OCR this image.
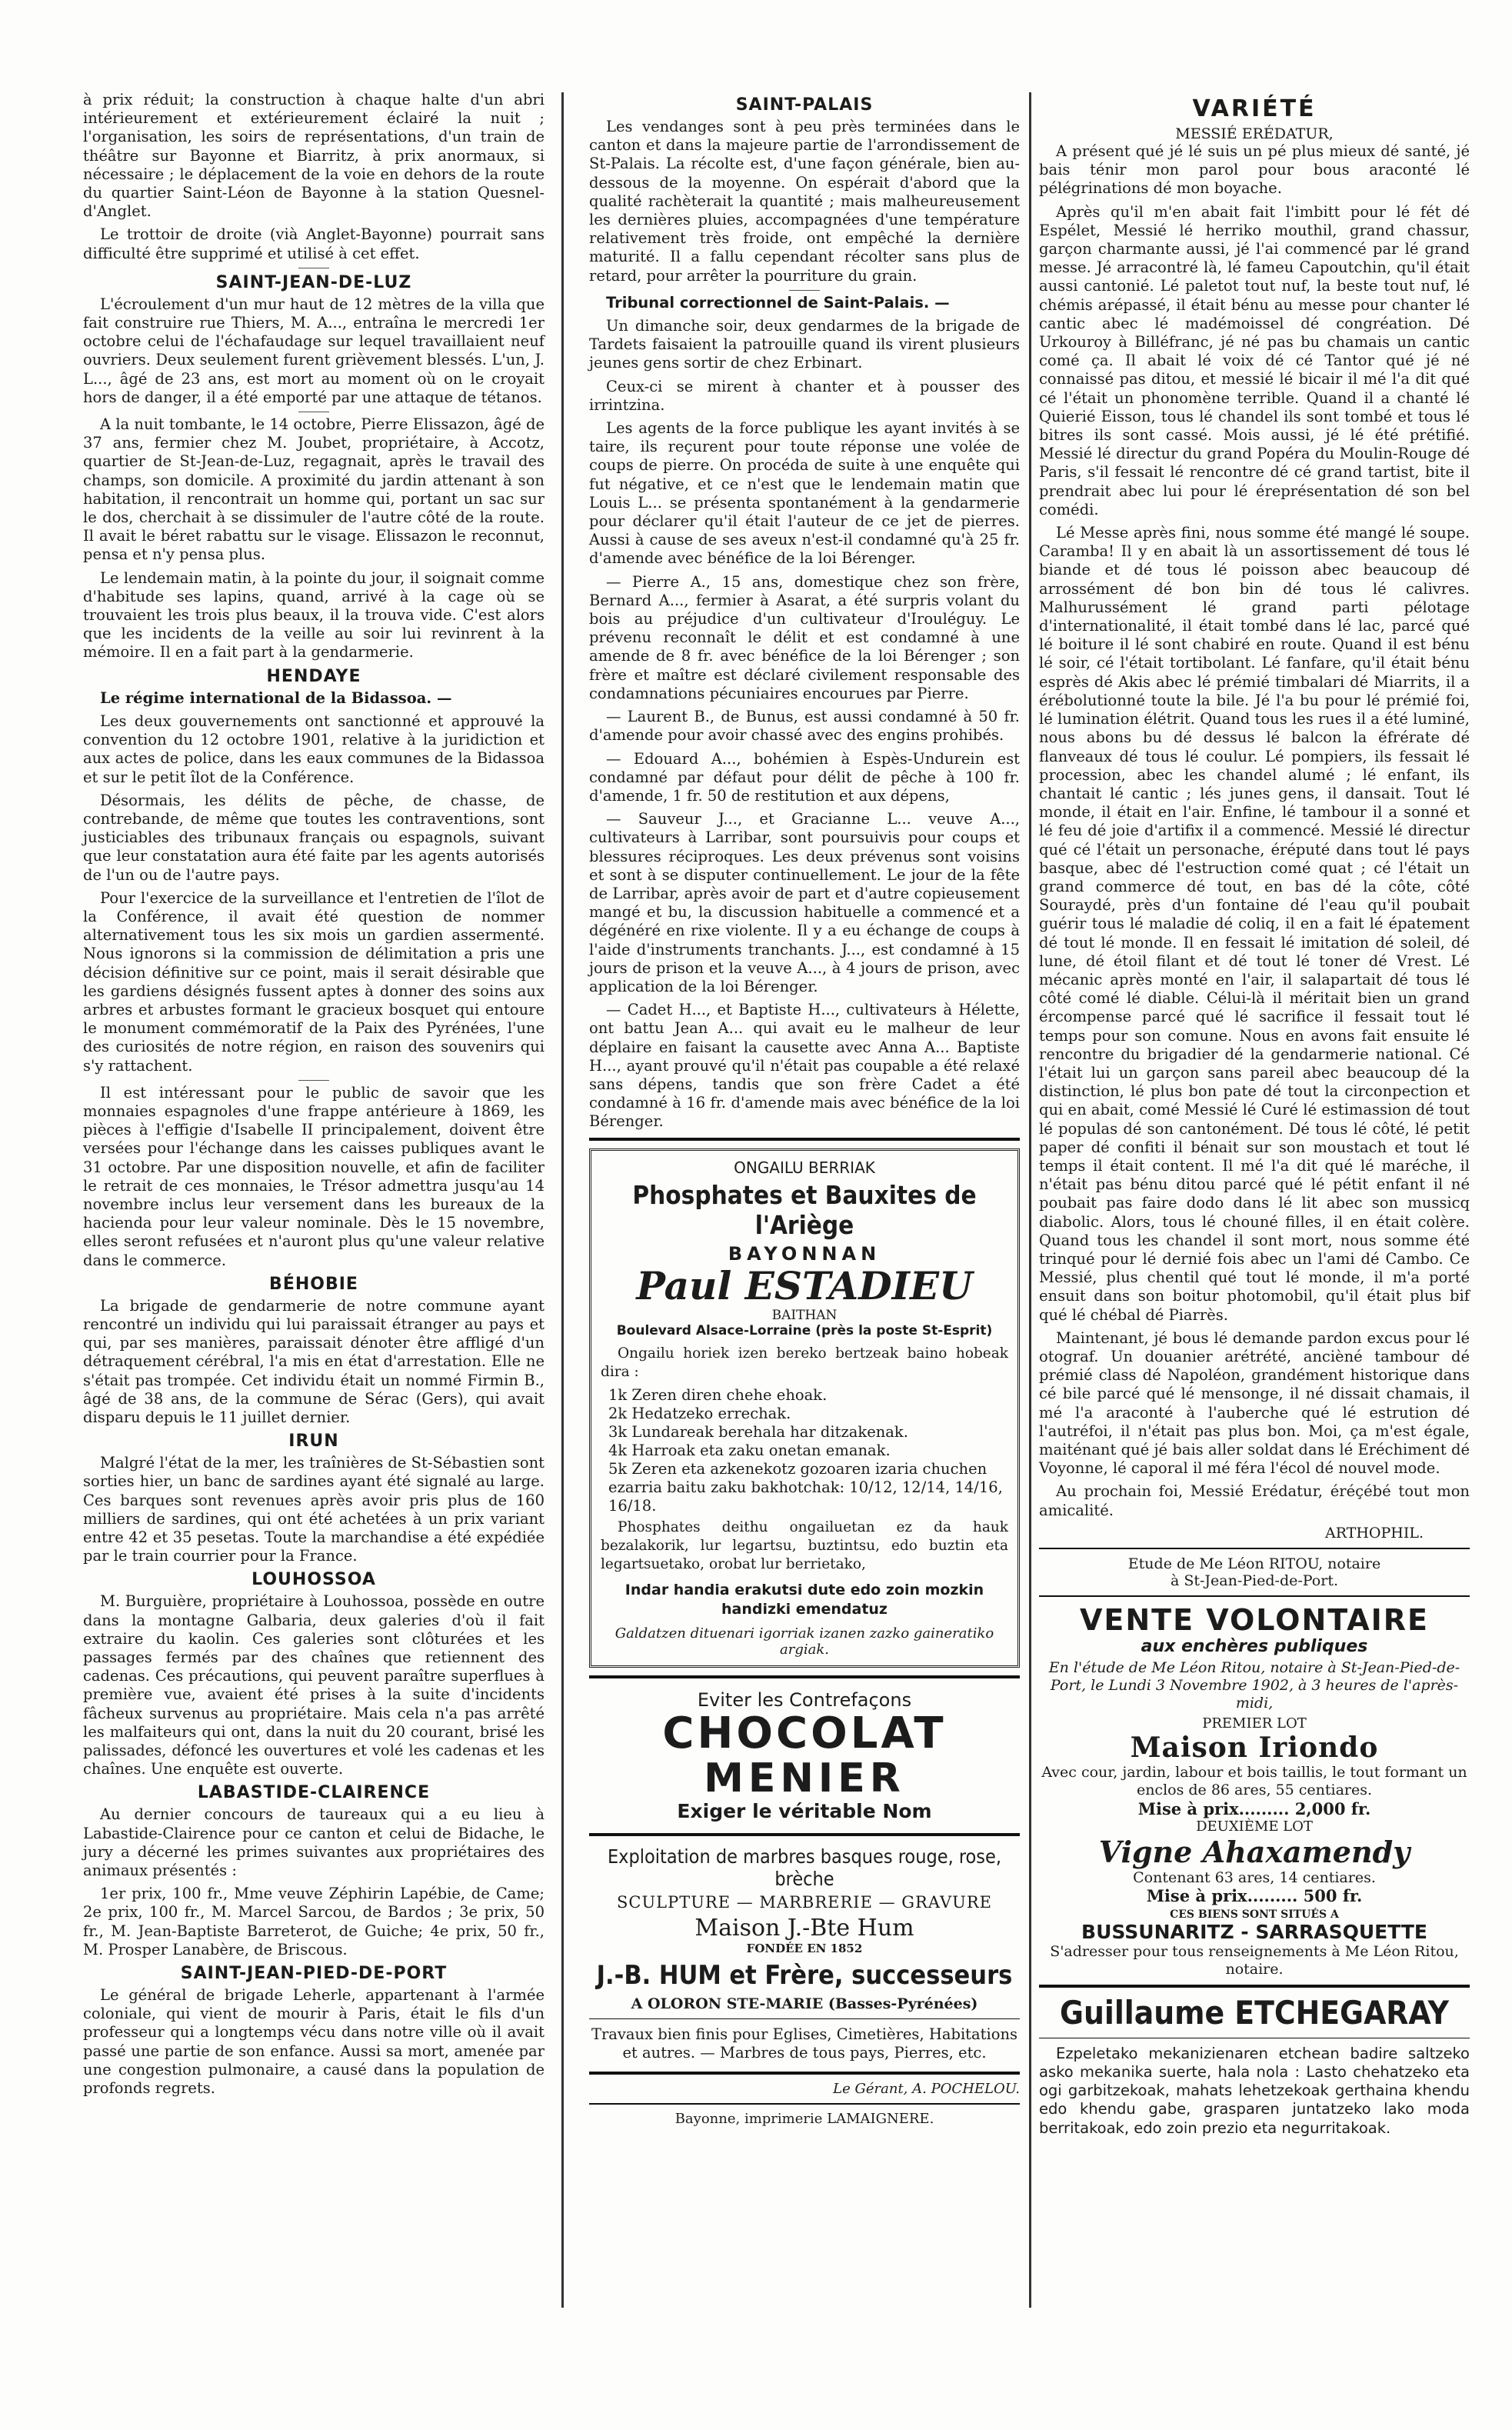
à prix réduit; la construction à chaque halte d'un abri intérieurement et extérieurement éclairé la nuit ; l'organisation, les soirs de représentations, d'un train de théâtre sur Bayonne et Biarritz, à prix anormaux, si nécessaire ; le déplacement de la voie en dehors de la route du quartier Saint-Léon de Bayonne à la station Quesnel-d'Anglet.

Le trottoir de droite (vià Anglet-Bayonne) pourrait sans difficulté être supprimé et utilisé à cet effet.

SAINT-JEAN-DE-LUZ

L'écroulement d'un mur haut de 12 mètres de la villa que fait construire rue Thiers, M. A..., entraîna le mercredi 1er octobre celui de l'échafaudage sur lequel travaillaient neuf ouvriers. Deux seulement furent grièvement blessés. L'un, J. L..., âgé de 23 ans, est mort au moment où on le croyait hors de danger, il a été emporté par une attaque de tétanos.

A la nuit tombante, le 14 octobre, Pierre Elissazon, âgé de 37 ans, fermier chez M. Joubet, propriétaire, à Accotz, quartier de St-Jean-de-Luz, regagnait, après le travail des champs, son domicile. A proximité du jardin attenant à son habitation, il rencontrait un homme qui, portant un sac sur le dos, cherchait à se dissimuler de l'autre côté de la route. Il avait le béret rabattu sur le visage. Elissazon le reconnut, pensa et n'y pensa plus.

Le lendemain matin, à la pointe du jour, il soignait comme d'habitude ses lapins, quand, arrivé à la cage où se trouvaient les trois plus beaux, il la trouva vide. C'est alors que les incidents de la veille au soir lui revinrent à la mémoire. Il en a fait part à la gendarmerie.

HENDAYE

Le régime international de la Bidassoa. —

Les deux gouvernements ont sanctionné et approuvé la convention du 12 octobre 1901, relative à la juridiction et aux actes de police, dans les eaux communes de la Bidassoa et sur le petit îlot de la Conférence.

Désormais, les délits de pêche, de chasse, de contrebande, de même que toutes les contraventions, sont justiciables des tribunaux français ou espagnols, suivant que leur constatation aura été faite par les agents autorisés de l'un ou de l'autre pays.

Pour l'exercice de la surveillance et l'entretien de l'îlot de la Conférence, il avait été question de nommer alternativement tous les six mois un gardien assermenté. Nous ignorons si la commission de délimitation a pris une décision définitive sur ce point, mais il serait désirable que les gardiens désignés fussent aptes à donner des soins aux arbres et arbustes formant le gracieux bosquet qui entoure le monument commémoratif de la Paix des Pyrénées, l'une des curiosités de notre région, en raison des souvenirs qui s'y rattachent.

Il est intéressant pour le public de savoir que les monnaies espagnoles d'une frappe antérieure à 1869, les pièces à l'effigie d'Isabelle II principalement, doivent être versées pour l'échange dans les caisses publiques avant le 31 octobre. Par une disposition nouvelle, et afin de faciliter le retrait de ces monnaies, le Trésor admettra jusqu'au 14 novembre inclus leur versement dans les bureaux de la hacienda pour leur valeur nominale. Dès le 15 novembre, elles seront refusées et n'auront plus qu'une valeur relative dans le commerce.

BÉHOBIE

La brigade de gendarmerie de notre commune ayant rencontré un individu qui lui paraissait étranger au pays et qui, par ses manières, paraissait dénoter être affligé d'un détraquement cérébral, l'a mis en état d'arrestation. Elle ne s'était pas trompée. Cet individu était un nommé Firmin B., âgé de 38 ans, de la commune de Sérac (Gers), qui avait disparu depuis le 11 juillet dernier.

IRUN

Malgré l'état de la mer, les traînières de St-Sébastien sont sorties hier, un banc de sardines ayant été signalé au large. Ces barques sont revenues après avoir pris plus de 160 milliers de sardines, qui ont été achetées à un prix variant entre 42 et 35 pesetas. Toute la marchandise a été expédiée par le train courrier pour la France.

LOUHOSSOA

M. Burguière, propriétaire à Louhossoa, possède en outre dans la montagne Galbaria, deux galeries d'où il fait extraire du kaolin. Ces galeries sont clôturées et les passages fermés par des chaînes que retiennent des cadenas. Ces précautions, qui peuvent paraître superflues à première vue, avaient été prises à la suite d'incidents fâcheux survenus au propriétaire. Mais cela n'a pas arrêté les malfaiteurs qui ont, dans la nuit du 20 courant, brisé les palissades, défoncé les ouvertures et volé les cadenas et les chaînes. Une enquête est ouverte.

LABASTIDE-CLAIRENCE

Au dernier concours de taureaux qui a eu lieu à Labastide-Clairence pour ce canton et celui de Bidache, le jury a décerné les primes suivantes aux propriétaires des animaux présentés :

1er prix, 100 fr., Mme veuve Zéphirin Lapébie, de Came; 2e prix, 100 fr., M. Marcel Sarcou, de Bardos ; 3e prix, 50 fr., M. Jean-Baptiste Barreterot, de Guiche; 4e prix, 50 fr., M. Prosper Lanabère, de Briscous.

SAINT-JEAN-PIED-DE-PORT

Le général de brigade Leherle, appartenant à l'armée coloniale, qui vient de mourir à Paris, était le fils d'un professeur qui a longtemps vécu dans notre ville où il avait passé une partie de son enfance. Aussi sa mort, amenée par une congestion pulmonaire, a causé dans la population de profonds regrets.

SAINT-PALAIS

Les vendanges sont à peu près terminées dans le canton et dans la majeure partie de l'arrondissement de St-Palais. La récolte est, d'une façon générale, bien au-dessous de la moyenne. On espérait d'abord que la qualité rachèterait la quantité ; mais malheureusement les dernières pluies, accompagnées d'une température relativement très froide, ont empêché la dernière maturité. Il a fallu cependant récolter sans plus de retard, pour arrêter la pourriture du grain.

Tribunal correctionnel de Saint-Palais. —

Un dimanche soir, deux gendarmes de la brigade de Tardets faisaient la patrouille quand ils virent plusieurs jeunes gens sortir de chez Erbinart.

Ceux-ci se mirent à chanter et à pousser des irrintzina.

Les agents de la force publique les ayant invités à se taire, ils reçurent pour toute réponse une volée de coups de pierre. On procéda de suite à une enquête qui fut négative, et ce n'est que le lendemain matin que Louis L... se présenta spontanément à la gendarmerie pour déclarer qu'il était l'auteur de ce jet de pierres. Aussi à cause de ses aveux n'est-il condamné qu'à 25 fr. d'amende avec bénéfice de la loi Bérenger.

— Pierre A., 15 ans, domestique chez son frère, Bernard A..., fermier à Asarat, a été surpris volant du bois au préjudice d'un cultivateur d'Irouléguy. Le prévenu reconnaît le délit et est condamné à une amende de 8 fr. avec bénéfice de la loi Bérenger ; son frère et maître est déclaré civilement responsable des condamnations pécuniaires encourues par Pierre.

— Laurent B., de Bunus, est aussi condamné à 50 fr. d'amende pour avoir chassé avec des engins prohibés.

— Edouard A..., bohémien à Espès-Undurein est condamné par défaut pour délit de pêche à 100 fr. d'amende, 1 fr. 50 de restitution et aux dépens,

— Sauveur J..., et Gracianne L... veuve A..., cultivateurs à Larribar, sont poursuivis pour coups et blessures réciproques. Les deux prévenus sont voisins et sont à se disputer continuellement. Le jour de la fête de Larribar, après avoir de part et d'autre copieusement mangé et bu, la discussion habituelle a commencé et a dégénéré en rixe violente. Il y a eu échange de coups à l'aide d'instruments tranchants. J..., est condamné à 15 jours de prison et la veuve A..., à 4 jours de prison, avec application de la loi Bérenger.

— Cadet H..., et Baptiste H..., cultivateurs à Hélette, ont battu Jean A... qui avait eu le malheur de leur déplaire en faisant la causette avec Anna A... Baptiste H..., ayant prouvé qu'il n'était pas coupable a été relaxé sans dépens, tandis que son frère Cadet a été condamné à 16 fr. d'amende mais avec bénéfice de la loi Bérenger.

ONGAILU BERRIAK
Phosphates et Bauxites de l'Ariège
BAYONNAN
Paul ESTADIEU
BAITHAN
Boulevard Alsace-Lorraine (près la poste St-Esprit)

Ongailu horiek izen bereko bertzeak baino hobeak dira :

1k Zeren diren chehe ehoak.

2k Hedatzeko errechak.

3k Lundareak berehala har ditzakenak.

4k Harroak eta zaku onetan emanak.

5k Zeren eta azkenekotz gozoaren izaria chuchen ezarria baitu zaku bakhotchak: 10/12, 12/14, 14/16, 16/18.

Phosphates deithu ongailuetan ez da hauk bezalakorik, lur legartsu, buztintsu, edo buztin eta legartsuetako, orobat lur berrietako,

Indar handia erakutsi dute edo zoin mozkin handizki emendatuz
Galdatzen dituenari igorriak izanen zazko gaineratiko argiak.
Eviter les Contrefaçons
CHOCOLAT
MENIER
Exiger le véritable Nom
Exploitation de marbres basques rouge, rose, brèche
SCULPTURE — MARBRERIE — GRAVURE
Maison J.-Bte Hum
FONDÉE EN 1852
J.-B. HUM et Frère, successeurs
A OLORON STE-MARIE (Basses-Pyrénées)
Travaux bien finis pour Eglises, Cimetières, Habitations et autres. — Marbres de tous pays, Pierres, etc.
Le Gérant, A. POCHELOU.
Bayonne, imprimerie LAMAIGNERE.
VARIÉTÉ
MESSIÉ ERÉDATUR,

A présent qué jé lé suis un pé plus mieux dé santé, jé bais ténir mon parol pour bous araconté lé pélégrinations dé mon boyache.

Après qu'il m'en abait fait l'imbitt pour lé fét dé Espélet, Messié lé herriko mouthil, grand chassur, garçon charmante aussi, jé l'ai commencé par lé grand messe. Jé arracontré là, lé fameu Capoutchin, qu'il était aussi cantonié. Lé paletot tout nuf, la beste tout nuf, lé chémis arépassé, il était bénu au messe pour chanter lé cantic abec lé madémoissel dé congréation. Dé Urkouroy à Billéfranc, jé né pas bu chamais un cantic comé ça. Il abait lé voix dé cé Tantor qué jé né connaissé pas ditou, et messié lé bicair il mé l'a dit qué cé l'était un phonomène terrible. Quand il a chanté lé Quierié Eisson, tous lé chandel ils sont tombé et tous lé bitres ils sont cassé. Mois aussi, jé lé été prétifié. Messié lé directur du grand Popéra du Moulin-Rouge dé Paris, s'il fessait lé rencontre dé cé grand tartist, bite il prendrait abec lui pour lé éreprésentation dé son bel comédi.

Lé Messe après fini, nous somme été mangé lé soupe. Caramba! Il y en abait là un assortissement dé tous lé biande et dé tous lé poisson abec beaucoup dé arrossément dé bon bin dé tous lé calivres. Malhurussément lé grand parti pélotage d'internationalité, il était tombé dans lé lac, parcé qué lé boiture il lé sont chabiré en route. Quand il est bénu lé soir, cé l'était tortibolant. Lé fanfare, qu'il était bénu esprès dé Akis abec lé prémié timbalari dé Miarrits, il a érébolutionné toute la bile. Jé l'a bu pour lé prémié foi, lé lumination élétrit. Quand tous les rues il a été luminé, nous abons bu dé dessus lé balcon la éfrérate dé flanveaux dé tous lé coulur. Lé pompiers, ils fessait lé procession, abec les chandel alumé ; lé enfant, ils chantait lé cantic ; lés junes gens, il dansait. Tout lé monde, il était en l'air. Enfine, lé tambour il a sonné et lé feu dé joie d'artifix il a commencé. Messié lé directur qué cé l'était un personache, éréputé dans tout lé pays basque, abec dé l'estruction comé quat ; cé l'était un grand commerce dé tout, en bas dé la côte, côté Souraydé, près d'un fontaine dé l'eau qu'il poubait guérir tous lé maladie dé coliq, il en a fait lé épatement dé tout lé monde. Il en fessait lé imitation dé soleil, dé lune, dé étoil filant et dé tout lé toner dé Vrest. Lé mécanic après monté en l'air, il salapartait dé tous lé côté comé lé diable. Célui-là il méritait bien un grand ércompense parcé qué lé sacrifice il fessait tout lé temps pour son comune. Nous en avons fait ensuite lé rencontre du brigadier dé la gendarmerie national. Cé l'était lui un garçon sans pareil abec beaucoup dé la distinction, lé plus bon pate dé tout la circonpection et qui en abait, comé Messié lé Curé lé estimassion dé tout lé populas dé son cantonément. Dé tous lé côté, lé petit paper dé confiti il bénait sur son moustach et tout lé temps il était content. Il mé l'a dit qué lé maréche, il n'était pas bénu ditou parcé qué lé pétit enfant il né poubait pas faire dodo dans lé lit abec son mussicq diabolic. Alors, tous lé chouné filles, il en était colère. Quand tous les chandel il sont mort, nous somme été trinqué pour lé dernié fois abec un l'ami dé Cambo. Ce Messié, plus chentil qué tout lé monde, il m'a porté ensuit dans son boitur photomobil, qu'il était plus bif qué lé chébal dé Piarrès.

Maintenant, jé bous lé demande pardon excus pour lé otograf. Un douanier arétrété, ancièné tambour dé prémié class dé Napoléon, grandément historique dans cé bile parcé qué lé mensonge, il né dissait chamais, il mé l'a araconté à l'auberche qué lé estrution dé l'autréfoi, il n'était pas plus bon. Moi, ça m'est égale, maiténant qué jé bais aller soldat dans lé Eréchiment dé Voyonne, lé caporal il mé féra l'écol dé nouvel mode.

Au prochain foi, Messié Erédatur, éréçébé tout mon amicalité.

ARTHOPHIL.
Etude de Me Léon RITOU, notaire
à St-Jean-Pied-de-Port.
VENTE VOLONTAIRE
aux enchères publiques
En l'étude de Me Léon Ritou, notaire à St-Jean-Pied-de-Port, le Lundi 3 Novembre 1902, à 3 heures de l'après-midi,
PREMIER LOT
Maison Iriondo
Avec cour, jardin, labour et bois taillis, le tout formant un enclos de 86 ares, 55 centiares.
Mise à prix......... 2,000 fr.
DEUXIÈME LOT
Vigne Ahaxamendy
Contenant 63 ares, 14 centiares.
Mise à prix......... 500 fr.
CES BIENS SONT SITUÉS A
BUSSUNARITZ - SARRASQUETTE
S'adresser pour tous renseignements à Me Léon Ritou, notaire.
Guillaume ETCHEGARAY

Ezpeletako mekanizienaren etchean badire saltzeko asko mekanika suerte, hala nola : Lasto chehatzeko eta ogi garbitzekoak, mahats lehetzekoak gerthaina khendu edo khendu gabe, grasparen juntatzeko lako moda berritakoak, edo zoin prezio eta negurritakoak.
